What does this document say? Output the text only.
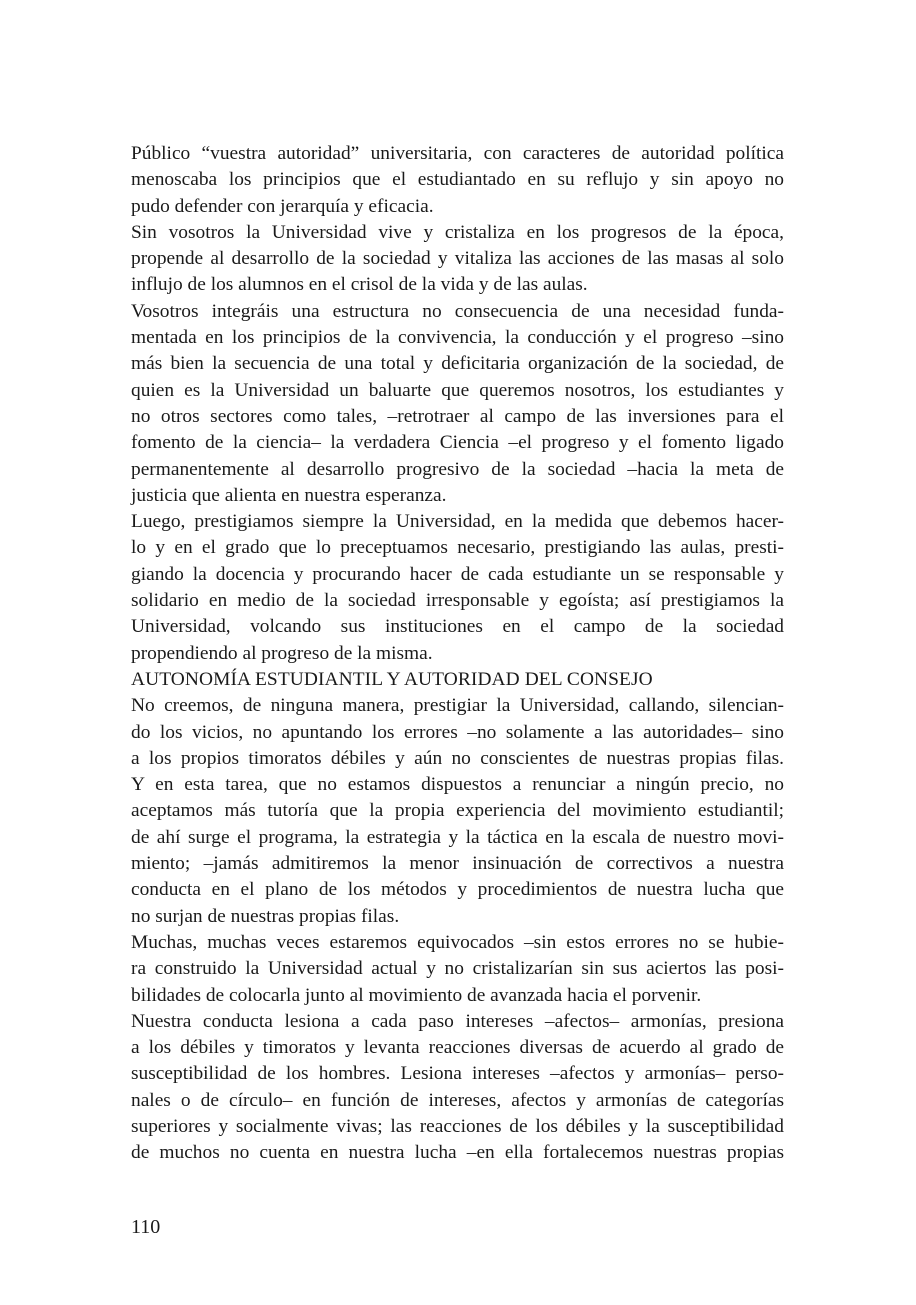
Público “vuestra autoridad” universitaria, con caracteres de autoridad política
menoscaba los principios que el estudiantado en su reflujo y sin apoyo no
pudo defender con jerarquía y eficacia.
Sin vosotros la Universidad vive y cristaliza en los progresos de la época,
propende al desarrollo de la sociedad y vitaliza las acciones de las masas al solo
influjo de los alumnos en el crisol de la vida y de las aulas.
Vosotros integráis una estructura no consecuencia de una necesidad funda-
mentada en los principios de la convivencia, la conducción y el progreso –sino
más bien la secuencia de una total y deficitaria organización de la sociedad, de
quien es la Universidad un baluarte que queremos nosotros, los estudiantes y
no otros sectores como tales, –retrotraer al campo de las inversiones para el
fomento de la ciencia– la verdadera Ciencia –el progreso y el fomento ligado
permanentemente al desarrollo progresivo de la sociedad –hacia la meta de
justicia que alienta en nuestra esperanza.
Luego, prestigiamos siempre la Universidad, en la medida que debemos hacer-
lo y en el grado que lo preceptuamos necesario, prestigiando las aulas, presti-
giando la docencia y procurando hacer de cada estudiante un se responsable y
solidario en medio de la sociedad irresponsable y egoísta; así prestigiamos la
Universidad, volcando sus instituciones en el campo de la sociedad
propendiendo al progreso de la misma.
AUTONOMÍA ESTUDIANTIL Y AUTORIDAD DEL CONSEJO
No creemos, de ninguna manera, prestigiar la Universidad, callando, silencian-
do los vicios, no apuntando los errores –no solamente a las autoridades– sino
a los propios timoratos débiles y aún no conscientes de nuestras propias filas.
Y en esta tarea, que no estamos dispuestos a renunciar a ningún precio, no
aceptamos más tutoría que la propia experiencia del movimiento estudiantil;
de ahí surge el programa, la estrategia y la táctica en la escala de nuestro movi-
miento; –jamás admitiremos la menor insinuación de correctivos a nuestra
conducta en el plano de los métodos y procedimientos de nuestra lucha que
no surjan de nuestras propias filas.
Muchas, muchas veces estaremos equivocados –sin estos errores no se hubie-
ra construido la Universidad actual y no cristalizarían sin sus aciertos las posi-
bilidades de colocarla junto al movimiento de avanzada hacia el porvenir.
Nuestra conducta lesiona a cada paso intereses –afectos– armonías, presiona
a los débiles y timoratos y levanta reacciones diversas de acuerdo al grado de
susceptibilidad de los hombres. Lesiona intereses –afectos y armonías– perso-
nales o de círculo– en función de intereses, afectos y armonías de categorías
superiores y socialmente vivas; las reacciones de los débiles y la susceptibilidad
de muchos no cuenta en nuestra lucha –en ella fortalecemos nuestras propias
110
